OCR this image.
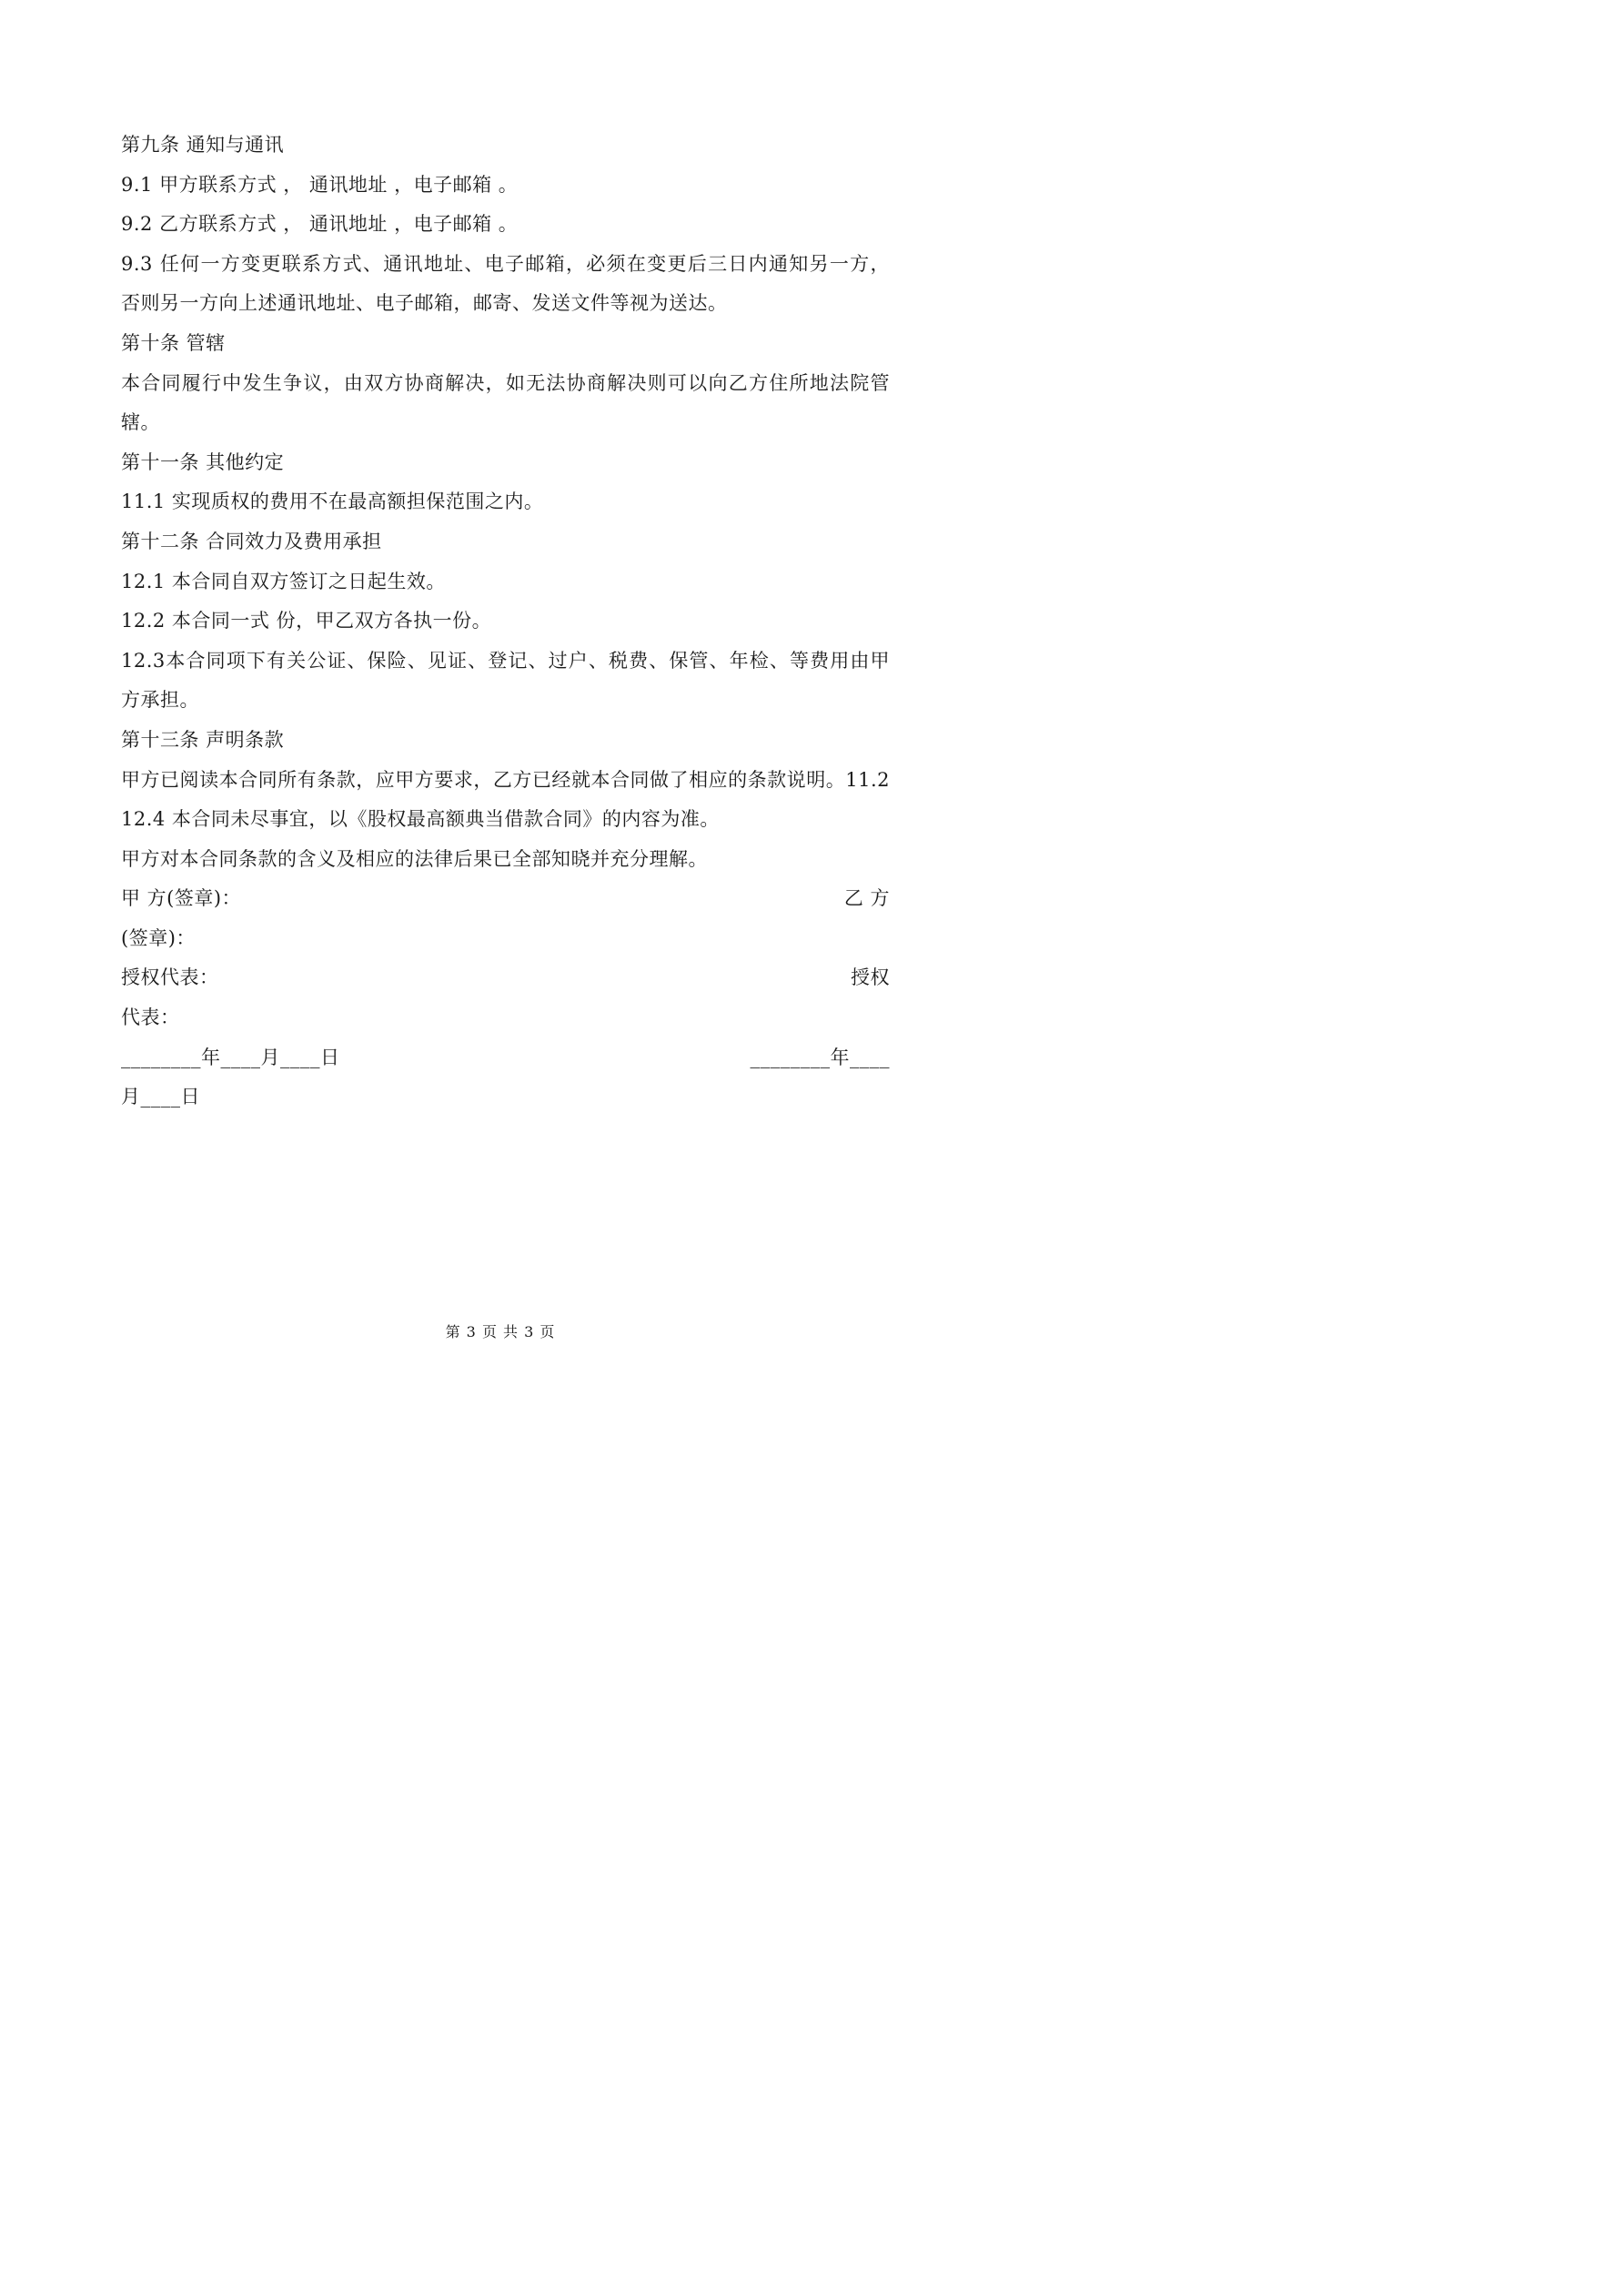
第九条 通知与通讯
9.1 甲方联系方式 ， 通讯地址 ，电子邮箱 。
9.2 乙方联系方式 ， 通讯地址 ，电子邮箱 。
9.3 任何一方变更联系方式、通讯地址、电子邮箱，必须在变更后三日内通知另一方，
否则另一方向上述通讯地址、电子邮箱，邮寄、发送文件等视为送达。
第十条 管辖
本合同履行中发生争议，由双方协商解决，如无法协商解决则可以向乙方住所地法院管
辖。
第十一条 其他约定
11.1 实现质权的费用不在最高额担保范围之内。
第十二条 合同效力及费用承担
12.1 本合同自双方签订之日起生效。
12.2 本合同一式 份，甲乙双方各执一份。
12.3本合同项下有关公证、保险、见证、登记、过户、税费、保管、年检、等费用由甲
方承担。
第十三条 声明条款
甲方已阅读本合同所有条款，应甲方要求，乙方已经就本合同做了相应的条款说明。11.2
12.4 本合同未尽事宜，以《股权最高额典当借款合同》的内容为准。
甲方对本合同条款的含义及相应的法律后果已全部知晓并充分理解。
甲 方(签章)：	乙 方
(签章)：
授权代表：	授权
代表：
________年____月____日	________年____
月____日
第 3 页 共 3 页
